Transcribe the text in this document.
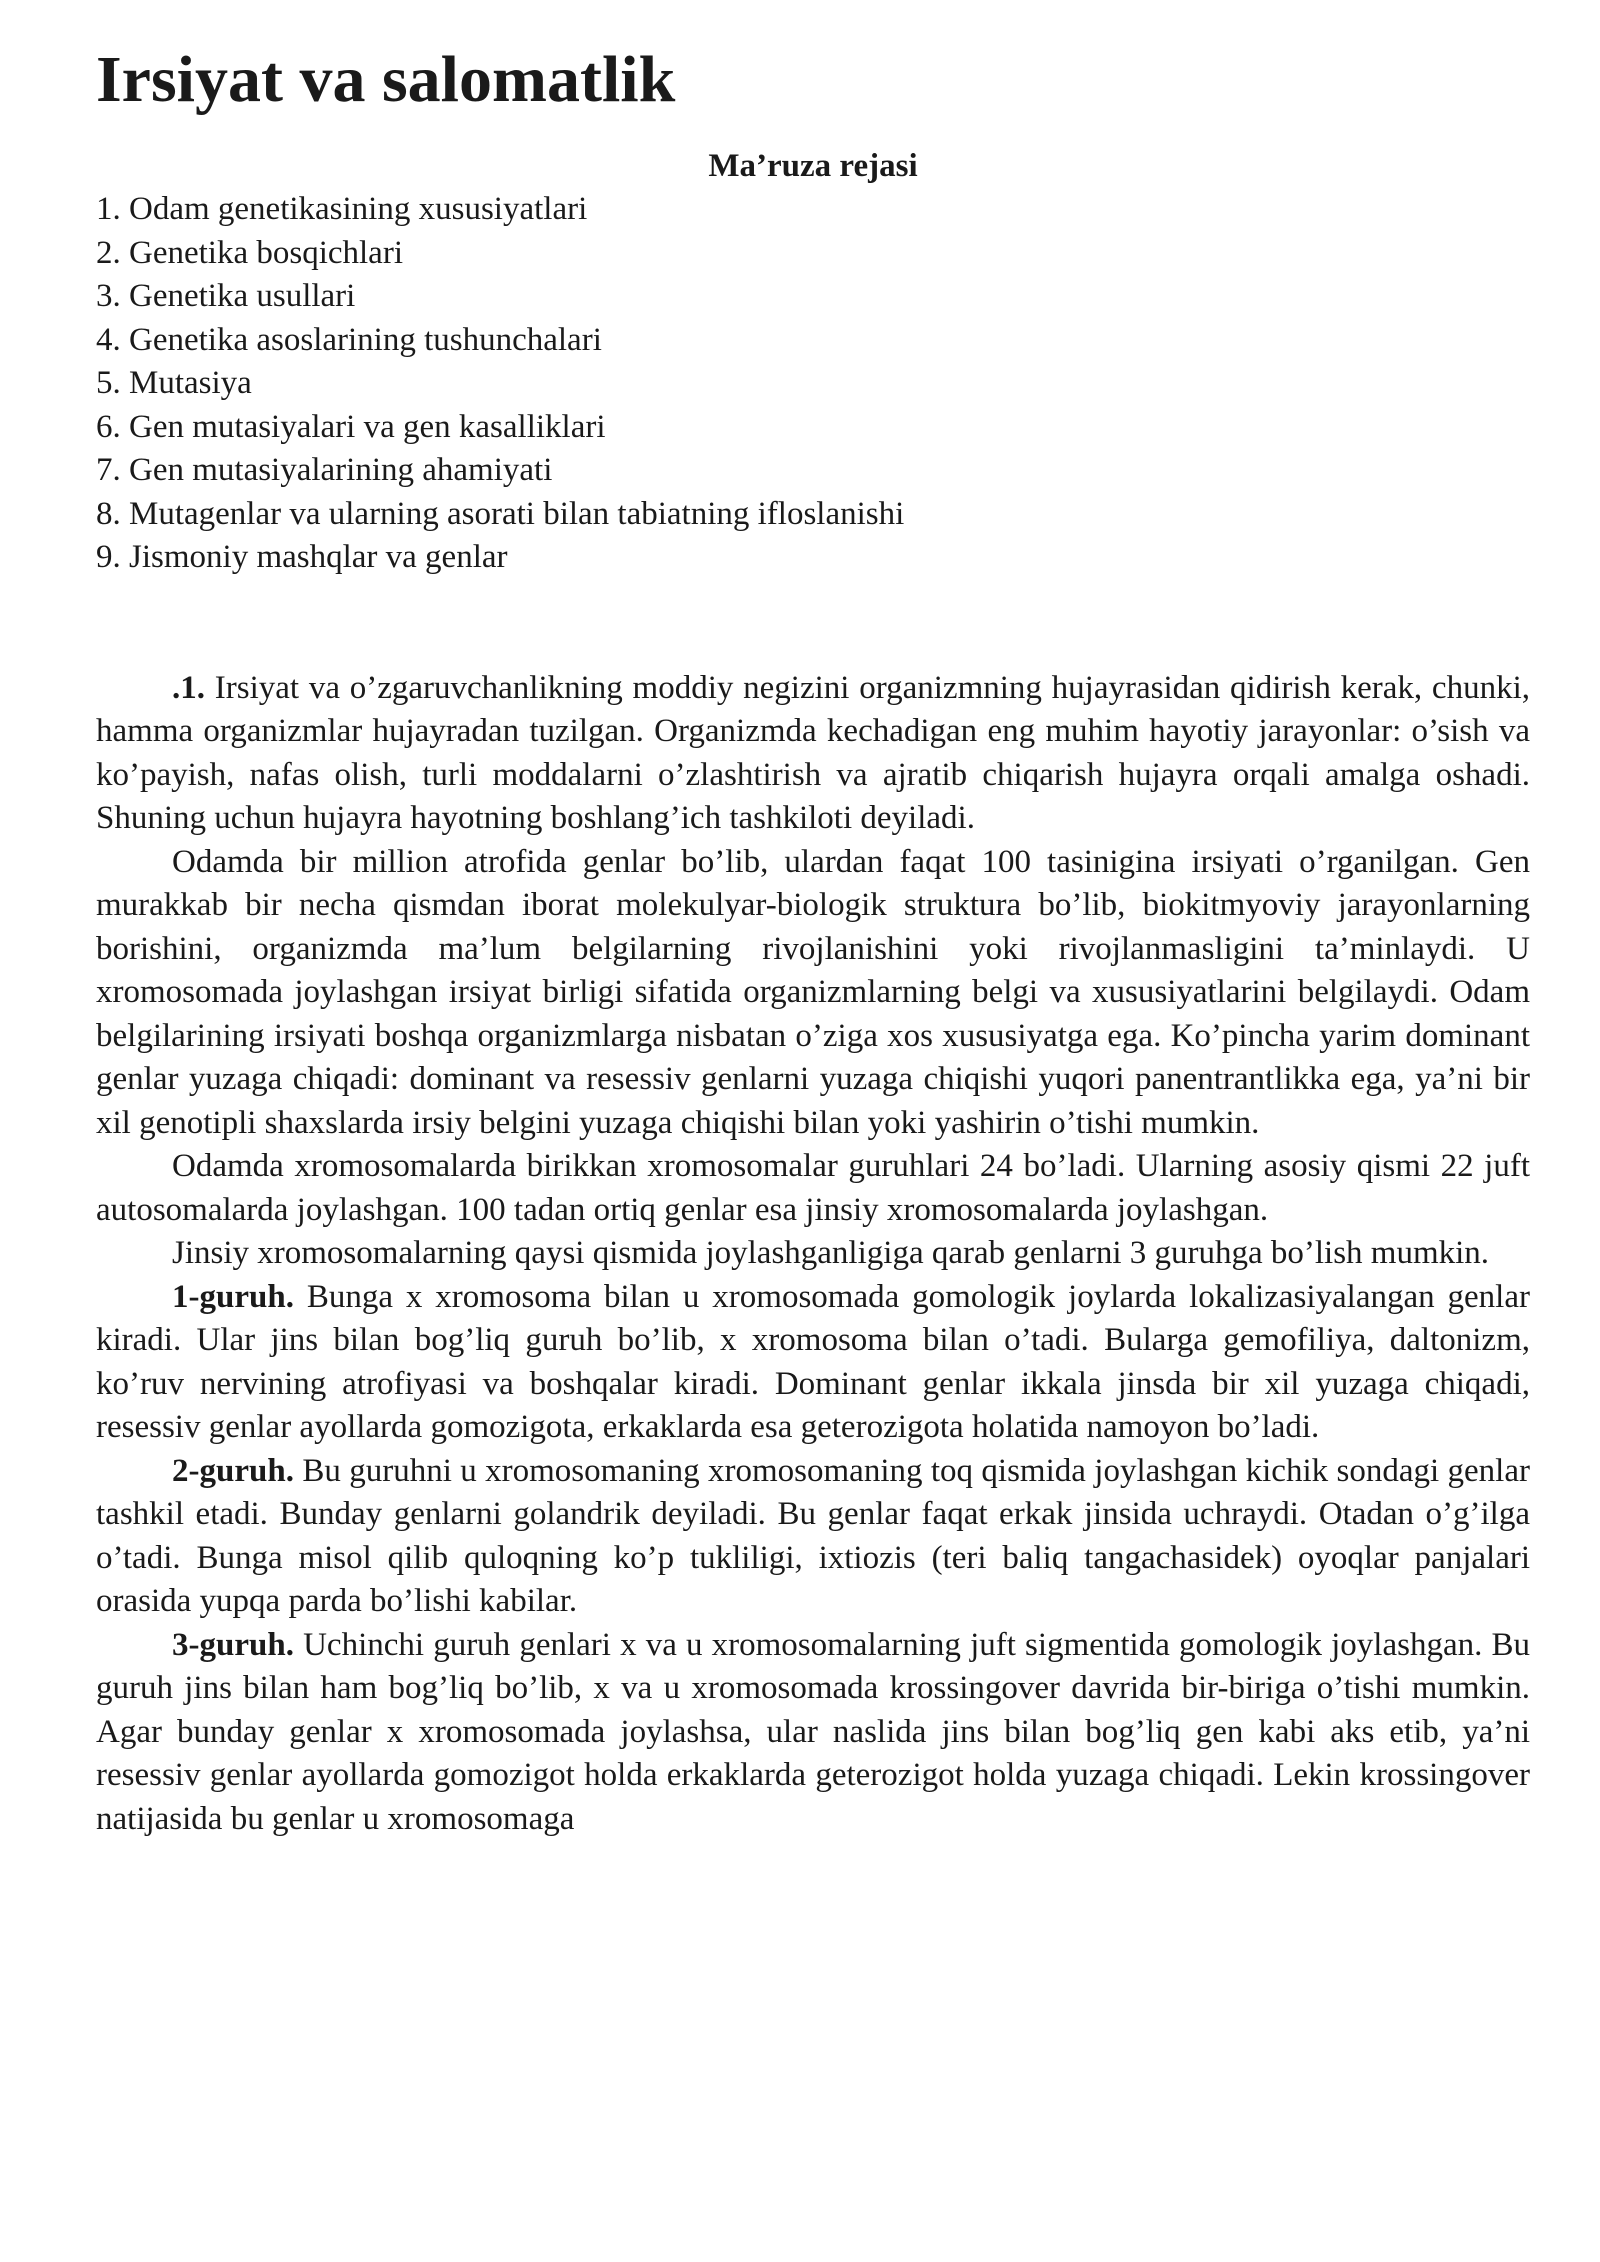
Irsiyat va salomatlik
Ma’ruza rejasi
1. Odam genetikasining xususiyatlari
2. Genetika bosqichlari
3. Genetika usullari
4. Genetika asoslarining tushunchalari
5. Mutasiya
6. Gen mutasiyalari va gen kasalliklari
7. Gen mutasiyalarining ahamiyati
8. Mutagenlar va ularning asorati bilan tabiatning ifloslanishi
9. Jismoniy mashqlar va genlar

.1. Irsiyat va o’zgaruvchanlikning moddiy negizini organizmning hujayrasidan qidirish kerak, chunki, hamma organizmlar hujayradan tuzilgan. Organizmda kechadigan eng muhim hayotiy jarayonlar: o’sish va ko’payish, nafas olish, turli moddalarni o’zlashtirish va ajratib chiqarish hujayra orqali amalga oshadi. Shuning uchun hujayra hayotning boshlang’ich tashkiloti deyiladi.

Odamda bir million atrofida genlar bo’lib, ulardan faqat 100 tasinigina irsiyati o’rganilgan. Gen murakkab bir necha qismdan iborat molekulyar-biologik struktura bo’lib, biokitmyoviy jarayonlarning borishini, organizmda ma’lum belgilarning rivojlanishini yoki rivojlanmasligini ta’minlaydi. U xromosomada joylashgan irsiyat birligi sifatida organizmlarning belgi va xususiyatlarini belgilaydi. Odam belgilarining irsiyati boshqa organizmlarga nisbatan o’ziga xos xususiyatga ega. Ko’pincha yarim dominant genlar yuzaga chiqadi: dominant va resessiv genlarni yuzaga chiqishi yuqori panentrantlikka ega, ya’ni bir xil genotipli shaxslarda irsiy belgini yuzaga chiqishi bilan yoki yashirin o’tishi mumkin.

Odamda xromosomalarda birikkan xromosomalar guruhlari 24 bo’ladi. Ularning asosiy qismi 22 juft autosomalarda joylashgan. 100 tadan ortiq genlar esa jinsiy xromosomalarda joylashgan.

Jinsiy xromosomalarning qaysi qismida joylashganligiga qarab genlarni 3 guruhga bo’lish mumkin.

1-guruh. Bunga x xromosoma bilan u xromosomada gomologik joylarda lokalizasiyalangan genlar kiradi. Ular jins bilan bog’liq guruh bo’lib, x xromosoma bilan o’tadi. Bularga gemofiliya, daltonizm, ko’ruv nervining atrofiyasi va boshqalar kiradi. Dominant genlar ikkala jinsda bir xil yuzaga chiqadi, resessiv genlar ayollarda gomozigota, erkaklarda esa geterozigota holatida namoyon bo’ladi.

2-guruh. Bu guruhni u xromosomaning xromosomaning toq qismida joylashgan kichik sondagi genlar tashkil etadi. Bunday genlarni golandrik deyiladi. Bu genlar faqat erkak jinsida uchraydi. Otadan o’g’ilga o’tadi. Bunga misol qilib quloqning ko’p tukliligi, ixtiozis (teri baliq tangachasidek) oyoqlar panjalari orasida yupqa parda bo’lishi kabilar.

3-guruh. Uchinchi guruh genlari x va u xromosomalarning juft sigmentida gomologik joylashgan. Bu guruh jins bilan ham bog’liq bo’lib, x va u xromosomada krossingover davrida bir-biriga o’tishi mumkin. Agar bunday genlar x xromosomada joylashsa, ular naslida jins bilan bog’liq gen kabi aks etib, ya’ni resessiv genlar ayollarda gomozigot holda erkaklarda geterozigot holda yuzaga chiqadi. Lekin krossingover natijasida bu genlar u xromosomaga
